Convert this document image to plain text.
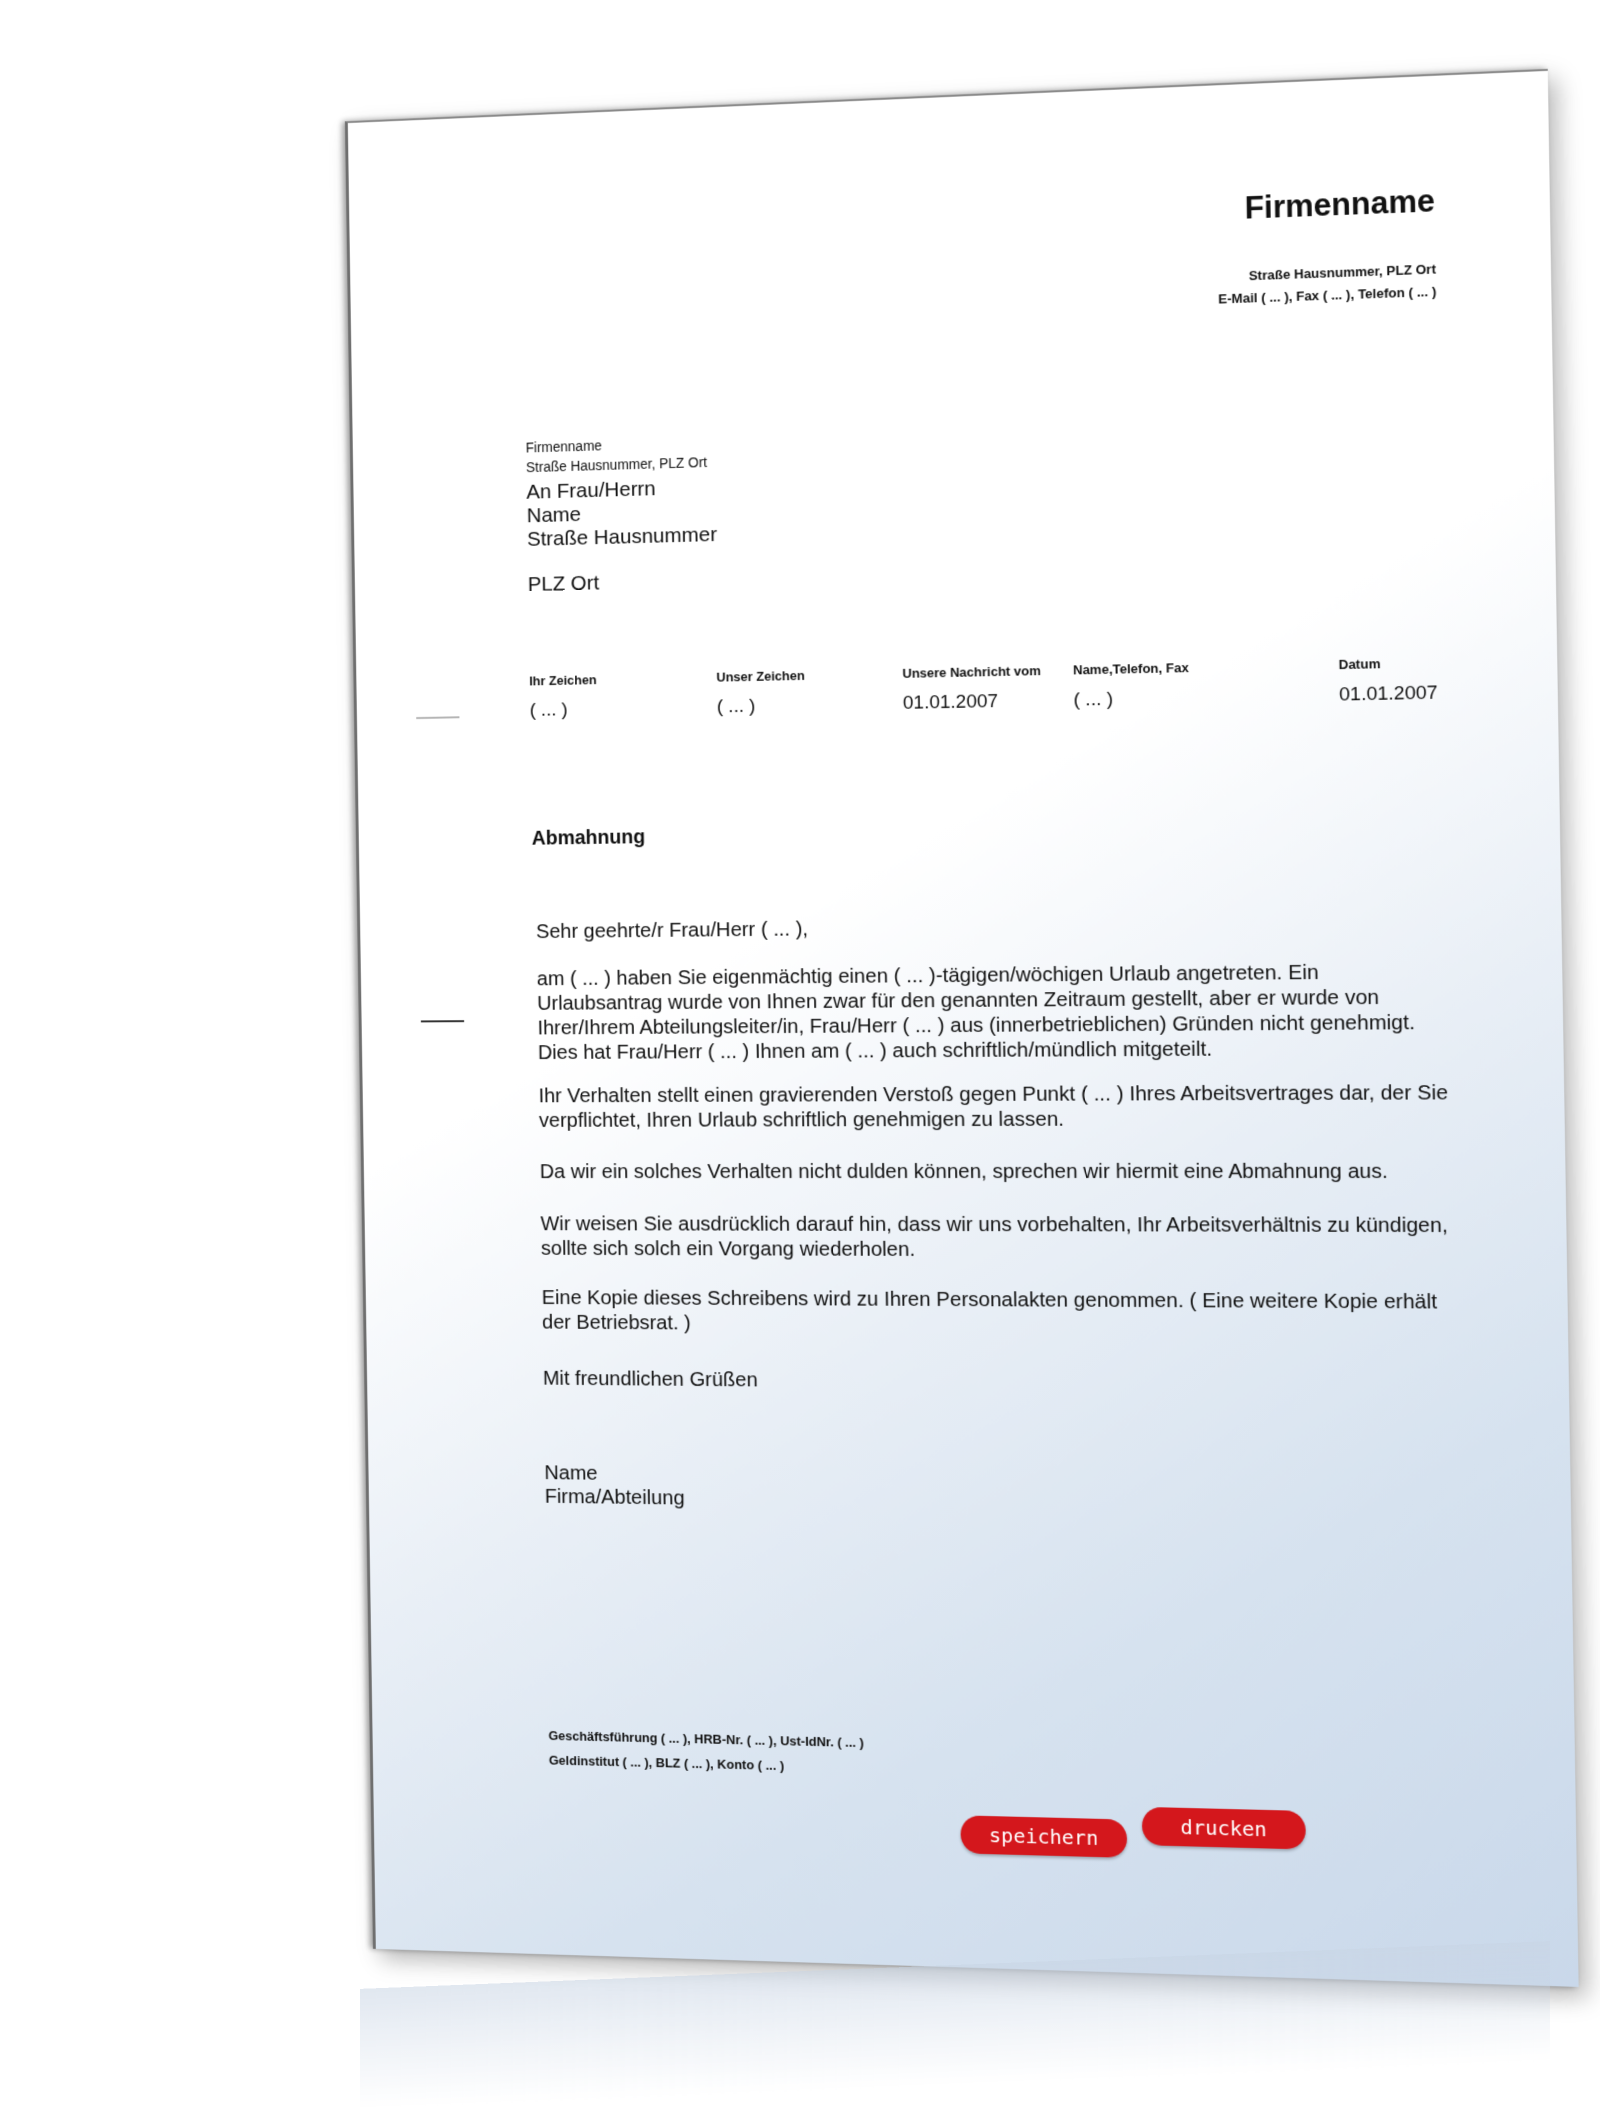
Firmenname
Straße Hausnummer, PLZ Ort
E-Mail ( ... ), Fax ( ... ), Telefon ( ... )
Firmenname
Straße Hausnummer, PLZ Ort
An Frau/Herrn
Name
Straße Hausnummer
PLZ Ort
Ihr Zeichen
( ... )
Unser Zeichen
( ... )
Unsere Nachricht vom
01.01.2007
Name,Telefon, Fax
( ... )
Datum
01.01.2007
Abmahnung
Sehr geehrte/r Frau/Herr ( ... ),
am ( ... ) haben Sie eigenmächtig einen ( ... )-tägigen/wöchigen Urlaub angetreten. Ein Urlaubsantrag wurde von Ihnen zwar für den genannten Zeitraum gestellt, aber er wurde von Ihrer/Ihrem Abteilungsleiter/in, Frau/Herr ( ... ) aus (innerbetrieblichen) Gründen nicht genehmigt. Dies hat Frau/Herr ( ... ) Ihnen am ( ... ) auch schriftlich/mündlich mitgeteilt.
Ihr Verhalten stellt einen gravierenden Verstoß gegen Punkt ( ... ) Ihres Arbeitsvertrages dar, der Sie verpflichtet, Ihren Urlaub schriftlich genehmigen zu lassen.
Da wir ein solches Verhalten nicht dulden können, sprechen wir hiermit eine Abmahnung aus.
Wir weisen Sie ausdrücklich darauf hin, dass wir uns vorbehalten, Ihr Arbeitsverhältnis zu kündigen, sollte sich solch ein Vorgang wiederholen.
Eine Kopie dieses Schreibens wird zu Ihren Personalakten genommen. ( Eine weitere Kopie erhält der Betriebsrat. )
Mit freundlichen Grüßen
Name
Firma/Abteilung
Geschäftsführung ( ... ), HRB-Nr. ( ... ), Ust-IdNr. ( ... )
Geldinstitut ( ... ), BLZ ( ... ), Konto ( ... )
speichern	drucken
